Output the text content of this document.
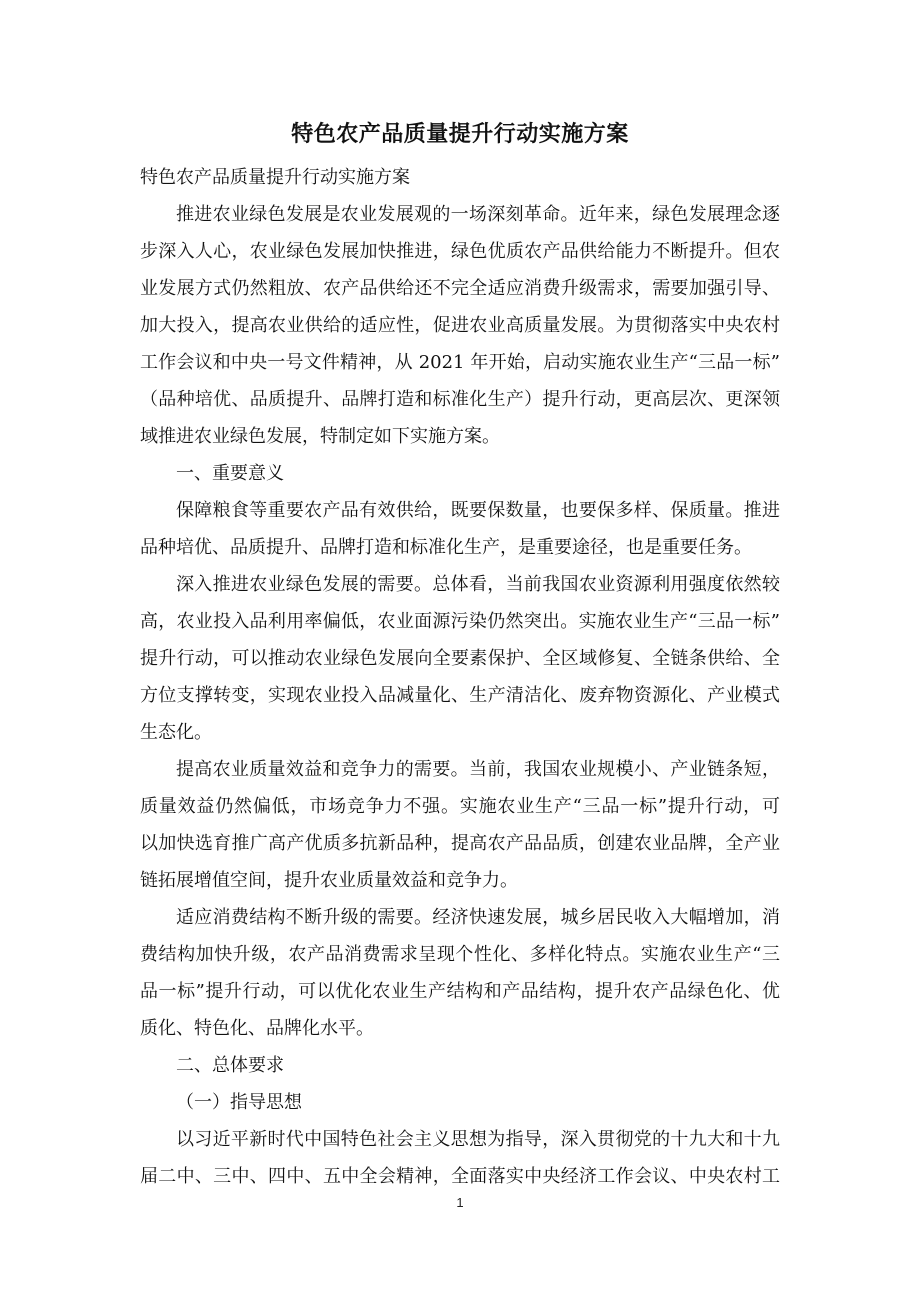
特色农产品质量提升行动实施方案
特色农产品质量提升行动实施方案
推进农业绿色发展是农业发展观的一场深刻革命。近年来，绿色发展理念逐
步深入人心，农业绿色发展加快推进，绿色优质农产品供给能力不断提升。但农
业发展方式仍然粗放、农产品供给还不完全适应消费升级需求，需要加强引导、
加大投入，提高农业供给的适应性，促进农业高质量发展。为贯彻落实中央农村
工作会议和中央一号文件精神，从 2021 年开始，启动实施农业生产“三品一标”
（品种培优、品质提升、品牌打造和标准化生产）提升行动，更高层次、更深领
域推进农业绿色发展，特制定如下实施方案。
一、重要意义
保障粮食等重要农产品有效供给，既要保数量，也要保多样、保质量。推进
品种培优、品质提升、品牌打造和标准化生产，是重要途径，也是重要任务。
深入推进农业绿色发展的需要。总体看，当前我国农业资源利用强度依然较
高，农业投入品利用率偏低，农业面源污染仍然突出。实施农业生产“三品一标”
提升行动，可以推动农业绿色发展向全要素保护、全区域修复、全链条供给、全
方位支撑转变，实现农业投入品减量化、生产清洁化、废弃物资源化、产业模式
生态化。
提高农业质量效益和竞争力的需要。当前，我国农业规模小、产业链条短，
质量效益仍然偏低，市场竞争力不强。实施农业生产“三品一标”提升行动，可
以加快选育推广高产优质多抗新品种，提高农产品品质，创建农业品牌，全产业
链拓展增值空间，提升农业质量效益和竞争力。
适应消费结构不断升级的需要。经济快速发展，城乡居民收入大幅增加，消
费结构加快升级，农产品消费需求呈现个性化、多样化特点。实施农业生产“三
品一标”提升行动，可以优化农业生产结构和产品结构，提升农产品绿色化、优
质化、特色化、品牌化水平。
二、总体要求
（一）指导思想
以习近平新时代中国特色社会主义思想为指导，深入贯彻党的十九大和十九
届二中、三中、四中、五中全会精神，全面落实中央经济工作会议、中央农村工
1
